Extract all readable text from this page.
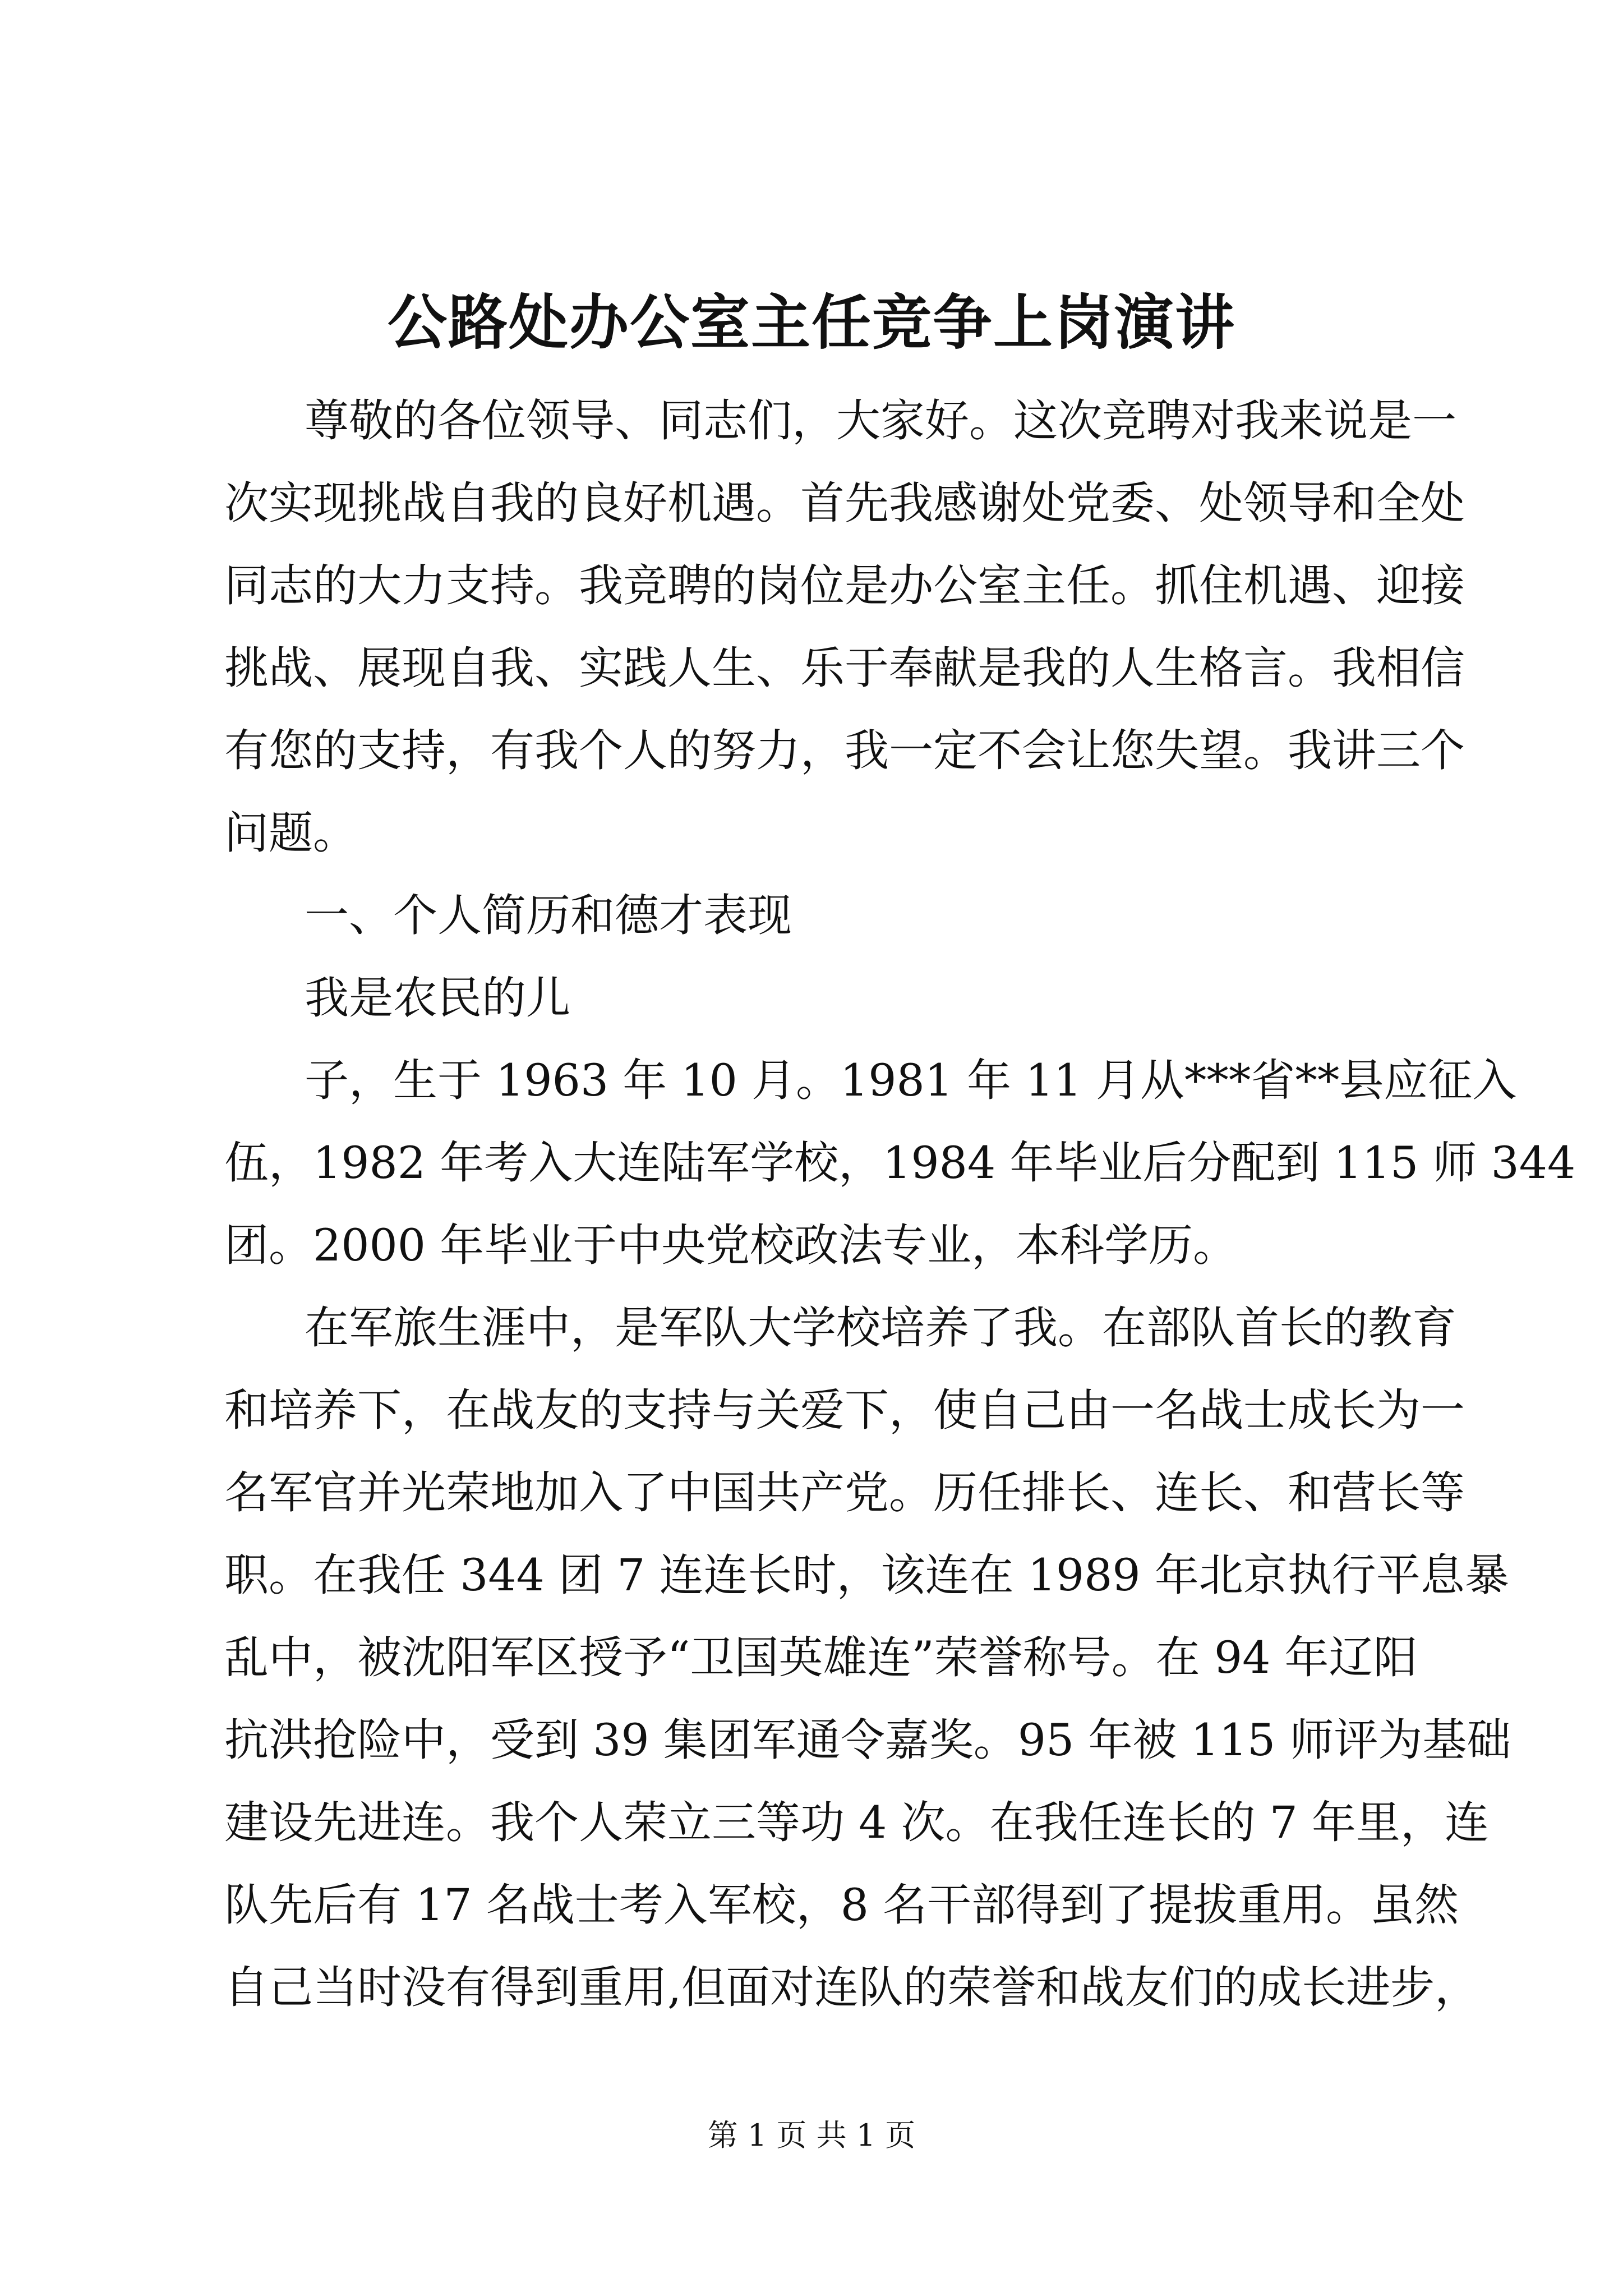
公路处办公室主任竞争上岗演讲
尊敬的各位领导、同志们，大家好。这次竞聘对我来说是一
次实现挑战自我的良好机遇。首先我感谢处党委、处领导和全处
同志的大力支持。我竞聘的岗位是办公室主任。抓住机遇、迎接
挑战、展现自我、实践人生、乐于奉献是我的人生格言。我相信
有您的支持，有我个人的努力，我一定不会让您失望。我讲三个
问题。
一、个人简历和德才表现
我是农民的儿
子，生于 1963 年 10 月。1981 年 11 月从***省**县应征入
伍，1982 年考入大连陆军学校，1984 年毕业后分配到 115 师 344
团。2000 年毕业于中央党校政法专业，本科学历。
在军旅生涯中，是军队大学校培养了我。在部队首长的教育
和培养下，在战友的支持与关爱下，使自己由一名战士成长为一
名军官并光荣地加入了中国共产党。历任排长、连长、和营长等
职。在我任 344 团 7 连连长时，该连在 1989 年北京执行平息暴
乱中，被沈阳军区授予“卫国英雄连”荣誉称号。在 94 年辽阳
抗洪抢险中，受到 39 集团军通令嘉奖。95 年被 115 师评为基础
建设先进连。我个人荣立三等功 4 次。在我任连长的 7 年里，连
队先后有 17 名战士考入军校，8 名干部得到了提拔重用。虽然
自己当时没有得到重用,但面对连队的荣誉和战友们的成长进步，
第 1 页 共 1 页
